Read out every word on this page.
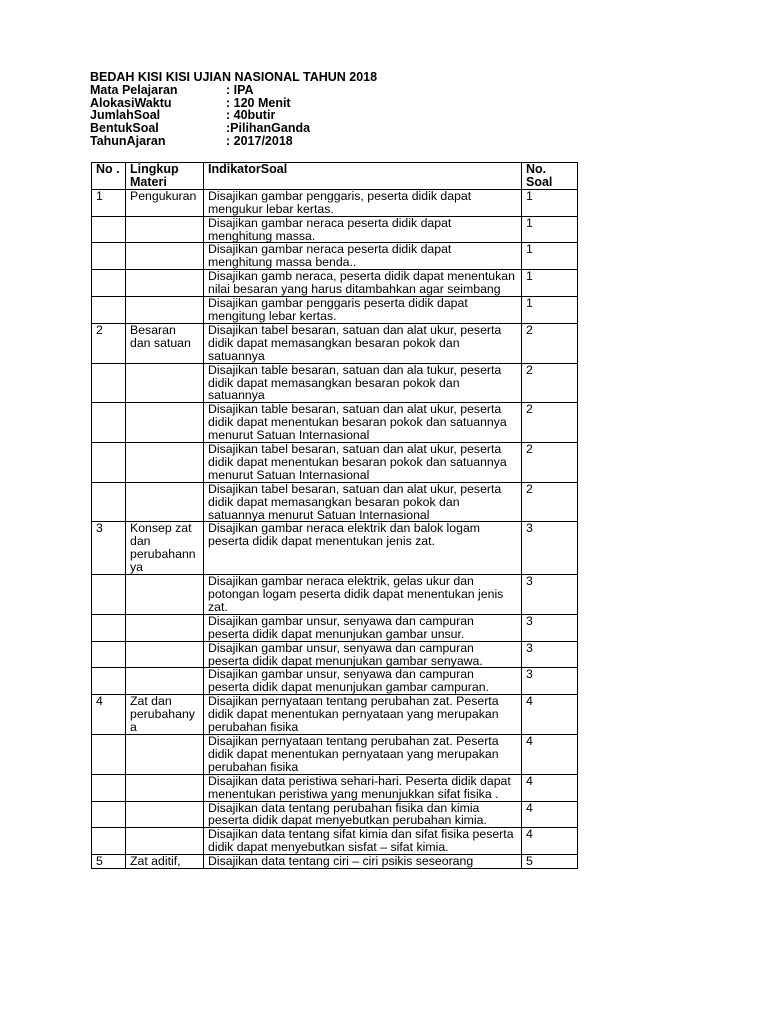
BEDAH KISI KISI UJIAN NASIONAL TAHUN 2018
Mata Pelajaran	: IPA
AlokasiWaktu	: 120 Menit
JumlahSoal	: 40butir
BentukSoal	:PilihanGanda
TahunAjaran	: 2017/2018
No .	Lingkup Materi	IndikatorSoal	No. Soal
1	Pengukuran	Disajikan gambar penggaris, peserta didik dapat mengukur lebar kertas.	1
		Disajikan gambar neraca peserta didik dapat menghitung massa.	1
		Disajikan gambar neraca peserta didik dapat menghitung massa benda..	1
		Disajikan gamb neraca, peserta didik dapat menentukan nilai besaran yang harus ditambahkan agar seimbang	1
		Disajikan gambar penggaris peserta didik dapat mengitung lebar kertas.	1
2	Besaran dan satuan	Disajikan tabel besaran, satuan dan alat ukur, peserta didik dapat memasangkan besaran pokok dan satuannya	2
		Disajikan table besaran, satuan dan ala tukur, peserta didik dapat memasangkan besaran pokok dan satuannya	2
		Disajikan table besaran, satuan dan alat ukur, peserta didik dapat menentukan besaran pokok dan satuannya menurut Satuan Internasional	2
		Disajikan tabel besaran, satuan dan alat ukur, peserta didik dapat menentukan besaran pokok dan satuannya menurut Satuan Internasional	2
		Disajikan tabel besaran, satuan dan alat ukur, peserta didik dapat memasangkan besaran pokok dan satuannya menurut Satuan Internasional	2
3	Konsep zat dan perubahannya	Disajikan gambar neraca elektrik dan balok logam peserta didik dapat menentukan jenis zat.	3
		Disajikan gambar neraca elektrik, gelas ukur dan potongan logam peserta didik dapat menentukan jenis zat.	3
		Disajikan gambar unsur, senyawa dan campuran peserta didik dapat menunjukan gambar unsur.	3
		Disajikan gambar unsur, senyawa dan campuran peserta didik dapat menunjukan gambar senyawa.	3
		Disajikan gambar unsur, senyawa dan campuran peserta didik dapat menunjukan gambar campuran.	3
4	Zat dan perubahanya	Disajikan pernyataan tentang perubahan zat. Peserta didik dapat menentukan pernyataan yang merupakan perubahan fisika	4
		Disajikan pernyataan tentang perubahan zat. Peserta didik dapat menentukan pernyataan yang merupakan perubahan fisika	4
		Disajikan data peristiwa sehari-hari. Peserta didik dapat menentukan peristiwa yang menunjukkan sifat fisika .	4
		Disajikan data tentang perubahan fisika dan kimia peserta didik dapat menyebutkan perubahan kimia.	4
		Disajikan data tentang sifat kimia dan sifat fisika peserta didik dapat menyebutkan sisfat – sifat kimia.	4
5	Zat aditif,	Disajikan data tentang ciri – ciri psikis seseorang	5
